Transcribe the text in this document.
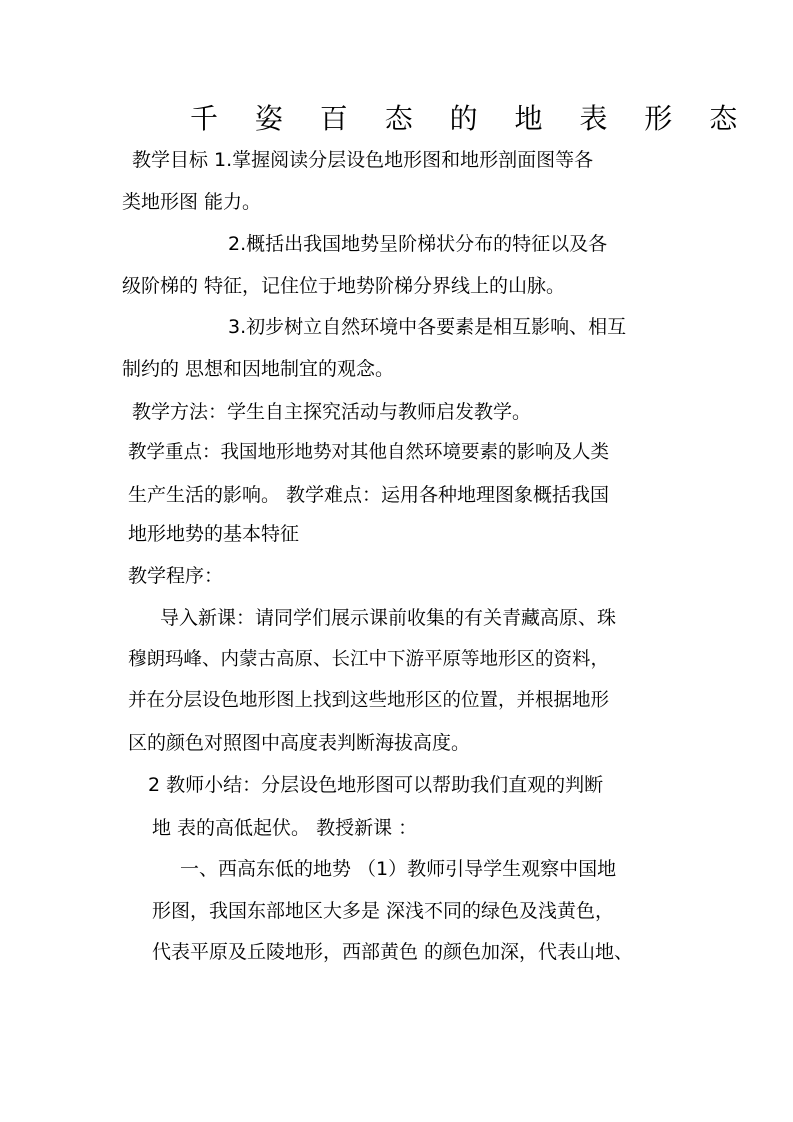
千 姿 百 态 的 地 表 形 态
教学目标 1.掌握阅读分层设色地形图和地形剖面图等各
类地形图 能力。
2.概括出我国地势呈阶梯状分布的特征以及各
级阶梯的 特征，记住位于地势阶梯分界线上的山脉。
3.初步树立自然环境中各要素是相互影响、相互
制约的 思想和因地制宜的观念。
教学方法：学生自主探究活动与教师启发教学。
教学重点：我国地形地势对其他自然环境要素的影响及人类
生产生活的影响。 教学难点：运用各种地理图象概括我国
地形地势的基本特征
教学程序：
导入新课：请同学们展示课前收集的有关青藏高原、珠
穆朗玛峰、内蒙古高原、长江中下游平原等地形区的资料，
并在分层设色地形图上找到这些地形区的位置，并根据地形
区的颜色对照图中高度表判断海拔高度。
2 教师小结：分层设色地形图可以帮助我们直观的判断
地 表的高低起伏。 教授新课 ：
一、西高东低的地势 （1）教师引导学生观察中国地
形图，我国东部地区大多是 深浅不同的绿色及浅黄色，
代表平原及丘陵地形，西部黄色 的颜色加深，代表山地、
